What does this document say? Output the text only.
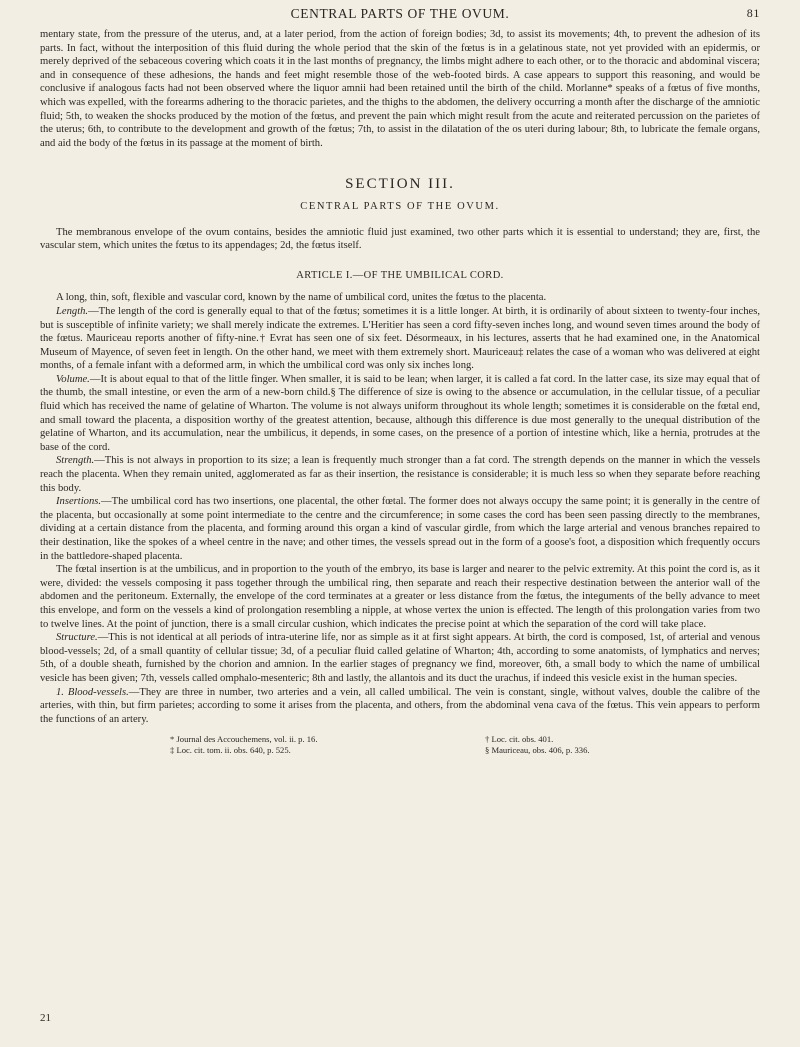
CENTRAL PARTS OF THE OVUM.	81

mentary state, from the pressure of the uterus, and, at a later period, from the action of foreign bodies; 3d, to assist its movements; 4th, to prevent the adhesion of its parts. In fact, without the interposition of this fluid during the whole period that the skin of the fœtus is in a gelatinous state, not yet provided with an epidermis, or merely deprived of the sebaceous covering which coats it in the last months of pregnancy, the limbs might adhere to each other, or to the thoracic and abdominal viscera; and in consequence of these adhesions, the hands and feet might resemble those of the web-footed birds. A case appears to support this reasoning, and would be conclusive if analogous facts had not been observed where the liquor amnii had been retained until the birth of the child. Morlanne* speaks of a fœtus of five months, which was expelled, with the forearms adhering to the thoracic parietes, and the thighs to the abdomen, the delivery occurring a month after the discharge of the amniotic fluid; 5th, to weaken the shocks produced by the motion of the fœtus, and prevent the pain which might result from the acute and reiterated percussion on the parietes of the uterus; 6th, to contribute to the development and growth of the fœtus; 7th, to assist in the dilatation of the os uteri during labour; 8th, to lubricate the female organs, and aid the body of the fœtus in its passage at the moment of birth.

SECTION III.
CENTRAL PARTS OF THE OVUM.

The membranous envelope of the ovum contains, besides the amniotic fluid just examined, two other parts which it is essential to understand; they are, first, the vascular stem, which unites the fœtus to its appendages; 2d, the fœtus itself.

ARTICLE I.—OF THE UMBILICAL CORD.

A long, thin, soft, flexible and vascular cord, known by the name of umbilical cord, unites the fœtus to the placenta.

Length.—The length of the cord is generally equal to that of the fœtus; sometimes it is a little longer. At birth, it is ordinarily of about sixteen to twenty-four inches, but is susceptible of infinite variety; we shall merely indicate the extremes. L'Heritier has seen a cord fifty-seven inches long, and wound seven times around the body of the fœtus. Mauriceau reports another of fifty-nine.† Evrat has seen one of six feet. Désormeaux, in his lectures, asserts that he had examined one, in the Anatomical Museum of Mayence, of seven feet in length. On the other hand, we meet with them extremely short. Mauriceau‡ relates the case of a woman who was delivered at eight months, of a female infant with a deformed arm, in which the umbilical cord was only six inches long.

Volume.—It is about equal to that of the little finger. When smaller, it is said to be lean; when larger, it is called a fat cord. In the latter case, its size may equal that of the thumb, the small intestine, or even the arm of a new-born child.§ The difference of size is owing to the absence or accumulation, in the cellular tissue, of a peculiar fluid which has received the name of gelatine of Wharton. The volume is not always uniform throughout its whole length; sometimes it is considerable on the fœtal end, and small toward the placenta, a disposition worthy of the greatest attention, because, although this difference is due most generally to the unequal distribution of the gelatine of Wharton, and its accumulation, near the umbilicus, it depends, in some cases, on the presence of a portion of intestine which, like a hernia, protrudes at the base of the cord.

Strength.—This is not always in proportion to its size; a lean is frequently much stronger than a fat cord. The strength depends on the manner in which the vessels reach the placenta. When they remain united, agglomerated as far as their insertion, the resistance is considerable; it is much less so when they separate before reaching this body.

Insertions.—The umbilical cord has two insertions, one placental, the other fœtal. The former does not always occupy the same point; it is generally in the centre of the placenta, but occasionally at some point intermediate to the centre and the circumference; in some cases the cord has been seen passing directly to the membranes, dividing at a certain distance from the placenta, and forming around this organ a kind of vascular girdle, from which the large arterial and venous branches repaired to their destination, like the spokes of a wheel centre in the nave; and other times, the vessels spread out in the form of a goose's foot, a disposition which frequently occurs in the battledore-shaped placenta.

The fœtal insertion is at the umbilicus, and in proportion to the youth of the embryo, its base is larger and nearer to the pelvic extremity. At this point the cord is, as it were, divided: the vessels composing it pass together through the umbilical ring, then separate and reach their respective destination between the anterior wall of the abdomen and the peritoneum. Externally, the envelope of the cord terminates at a greater or less distance from the fœtus, the integuments of the belly advance to meet this envelope, and form on the vessels a kind of prolongation resembling a nipple, at whose vertex the union is effected. The length of this prolongation varies from two to twelve lines. At the point of junction, there is a small circular cushion, which indicates the precise point at which the separation of the cord will take place.

Structure.—This is not identical at all periods of intra-uterine life, nor as simple as it at first sight appears. At birth, the cord is composed, 1st, of arterial and venous blood-vessels; 2d, of a small quantity of cellular tissue; 3d, of a peculiar fluid called gelatine of Wharton; 4th, according to some anatomists, of lymphatics and nerves; 5th, of a double sheath, furnished by the chorion and amnion. In the earlier stages of pregnancy we find, moreover, 6th, a small body to which the name of umbilical vesicle has been given; 7th, vessels called omphalo-mesenteric; 8th and lastly, the allantois and its duct the urachus, if indeed this vesicle exist in the human species.

1. Blood-vessels.—They are three in number, two arteries and a vein, all called umbilical. The vein is constant, single, without valves, double the calibre of the arteries, with thin, but firm parietes; according to some it arises from the placenta, and others, from the abdominal vena cava of the fœtus. This vein appears to perform the functions of an artery.

* Journal des Accouchemens, vol. ii. p. 16.	† Loc. cit. obs. 401.
‡ Loc. cit. tom. ii. obs. 640, p. 525.	§ Mauriceau, obs. 406, p. 336.
21
